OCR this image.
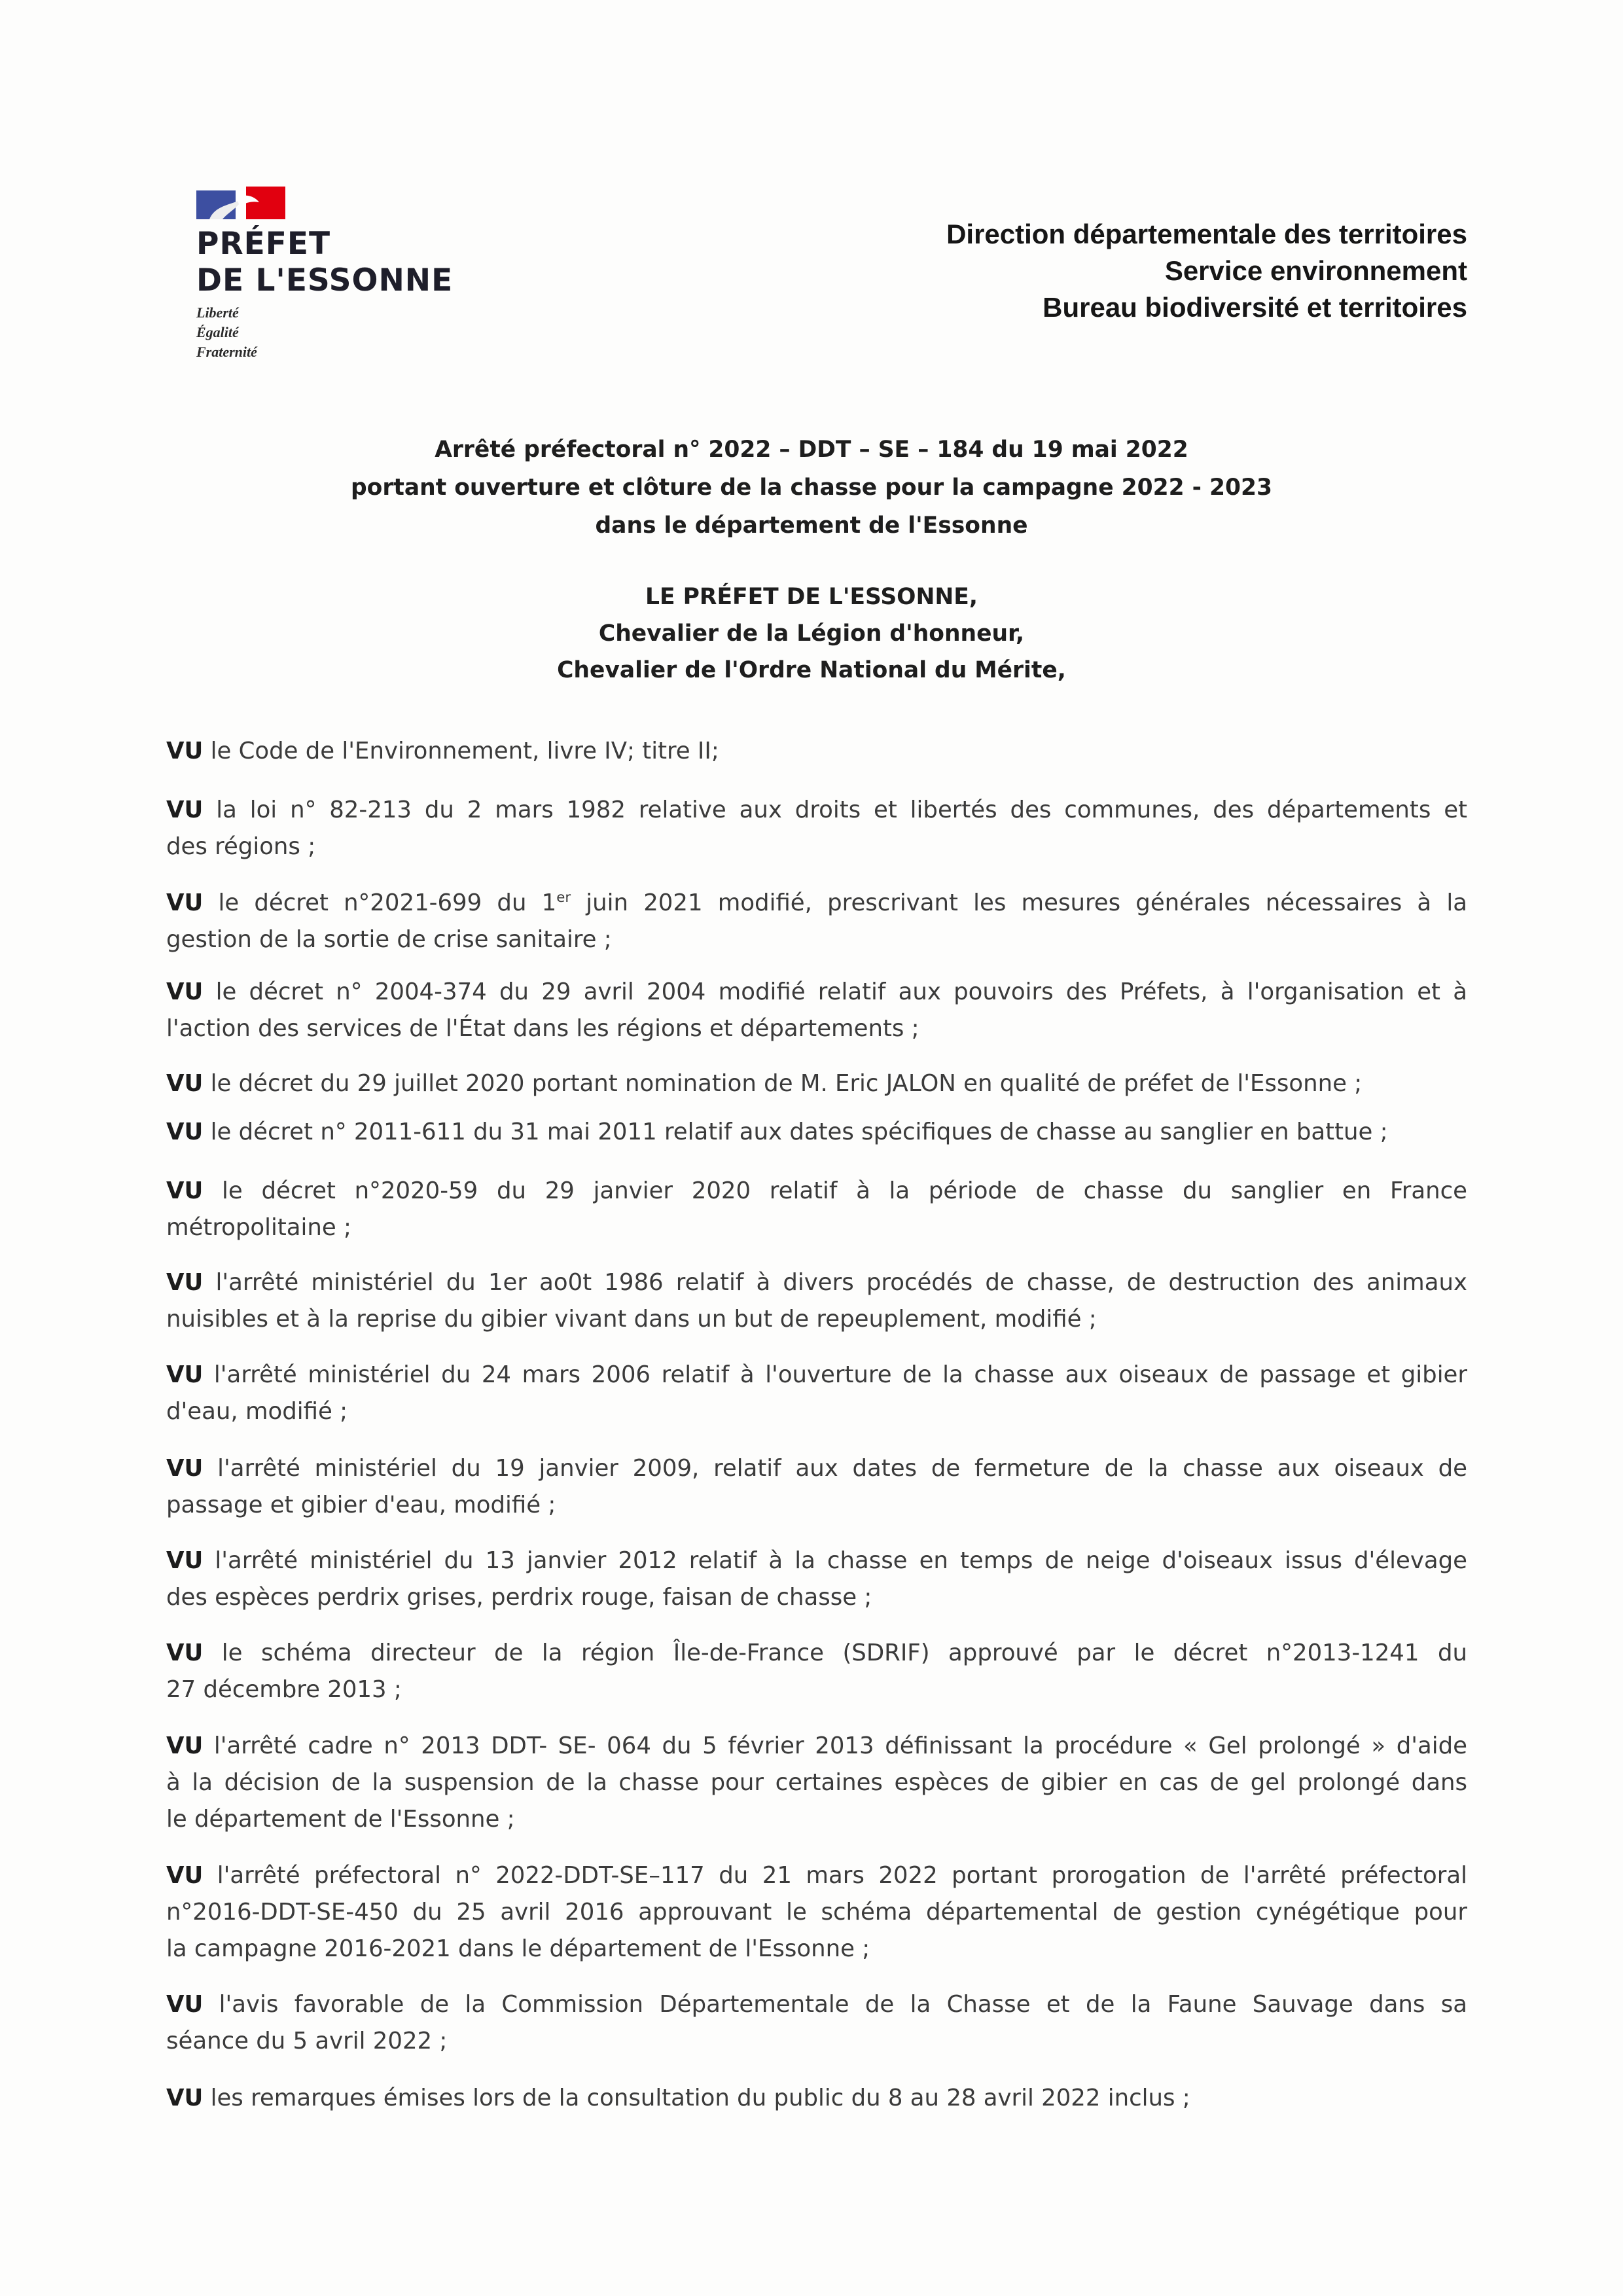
PRÉFET
DE L'ESSONNE
Liberté
Égalité
Fraternité
Direction départementale des territoires
Service environnement
Bureau biodiversité et territoires
Arrêté préfectoral n° 2022 – DDT – SE – 184 du 19 mai 2022
portant ouverture et clôture de la chasse pour la campagne 2022 - 2023
dans le département de l'Essonne
LE PRÉFET DE L'ESSONNE,
Chevalier de la Légion d'honneur,
Chevalier de l'Ordre National du Mérite,
VU le Code de l'Environnement, livre IV; titre II;
VU la loi n° 82-213 du 2 mars 1982 relative aux droits et libertés des communes, des départements et
des régions ;
VU le décret n°2021-699 du 1er juin 2021 modifié, prescrivant les mesures générales nécessaires à la
gestion de la sortie de crise sanitaire ;
VU le décret n° 2004-374 du 29 avril 2004 modifié relatif aux pouvoirs des Préfets, à l'organisation et à
l'action des services de l'État dans les régions et départements ;
VU le décret du 29 juillet 2020 portant nomination de M. Eric JALON en qualité de préfet de l'Essonne ;
VU le décret n° 2011-611 du 31 mai 2011 relatif aux dates spécifiques de chasse au sanglier en battue ;
VU le décret n°2020-59 du 29 janvier 2020 relatif à la période de chasse du sanglier en France
métropolitaine ;
VU l'arrêté ministériel du 1er ao0t 1986 relatif à divers procédés de chasse, de destruction des animaux
nuisibles et à la reprise du gibier vivant dans un but de repeuplement, modifié ;
VU l'arrêté ministériel du 24 mars 2006 relatif à l'ouverture de la chasse aux oiseaux de passage et gibier
d'eau, modifié ;
VU l'arrêté ministériel du 19 janvier 2009, relatif aux dates de fermeture de la chasse aux oiseaux de
passage et gibier d'eau, modifié ;
VU l'arrêté ministériel du 13 janvier 2012 relatif à la chasse en temps de neige d'oiseaux issus d'élevage
des espèces perdrix grises, perdrix rouge, faisan de chasse ;
VU le schéma directeur de la région Île-de-France (SDRIF) approuvé par le décret n°2013-1241 du
27 décembre 2013 ;
VU l'arrêté cadre n° 2013 DDT- SE- 064 du 5 février 2013 définissant la procédure « Gel prolongé » d'aide
à la décision de la suspension de la chasse pour certaines espèces de gibier en cas de gel prolongé dans
le département de l'Essonne ;
VU l'arrêté préfectoral n° 2022-DDT-SE–117 du 21 mars 2022 portant prorogation de l'arrêté préfectoral
n°2016-DDT-SE-450 du 25 avril 2016 approuvant le schéma départemental de gestion cynégétique pour
la campagne 2016-2021 dans le département de l'Essonne ;
VU l'avis favorable de la Commission Départementale de la Chasse et de la Faune Sauvage dans sa
séance du 5 avril 2022 ;
VU les remarques émises lors de la consultation du public du 8 au 28 avril 2022 inclus ;
